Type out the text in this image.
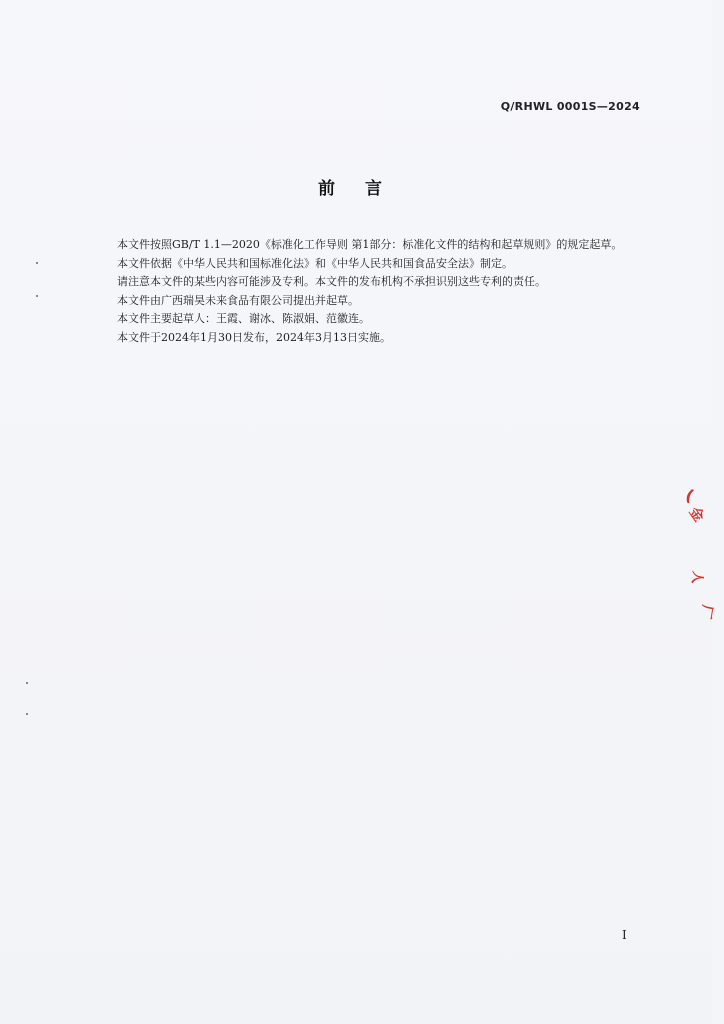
Q/RHWL 0001S—2024
前 言

本文件按照GB/T 1.1—2020《标准化工作导则 第1部分：标准化文件的结构和起草规则》的规定起草。

本文件依据《中华人民共和国标准化法》和《中华人民共和国食品安全法》制定。

请注意本文件的某些内容可能涉及专利。本文件的发布机构不承担识别这些专利的责任。

本文件由广西瑞昊未来食品有限公司提出并起草。

本文件主要起草人：王霞、谢冰、陈淑娟、范徽连。

本文件于2024年1月30日发布，2024年3月13日实施。

I
(
金
人
厂
